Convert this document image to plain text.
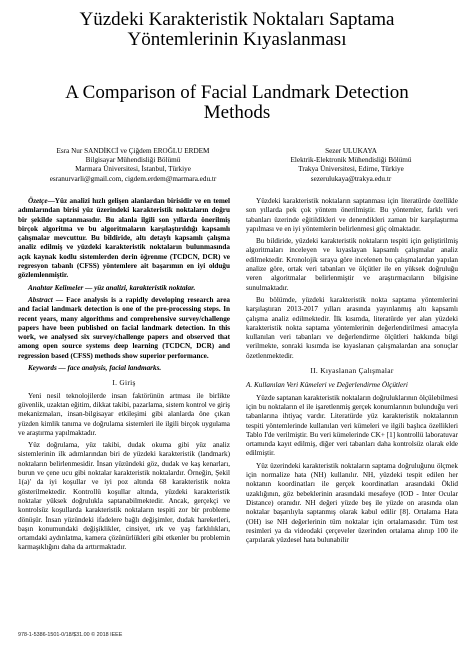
Yüzdeki Karakteristik Noktaları Saptama
Yöntemlerinin Kıyaslanması
A Comparison of Facial Landmark Detection
Methods
Esra Nur SANDİKCİ ve Çiğdem EROĞLU ERDEM
Bilgisayar Mühendisliği Bölümü
Marmara Üniversitesi, İstanbul, Türkiye
esranurvarli@gmail.com, cigdem.erdem@marmara.edu.tr
Sezer ULUKAYA
Elektrik-Elektronik Mühendisliği Bölümü
Trakya Üniversitesi, Edirne, Türkiye
sezerulukaya@trakya.edu.tr

Özetçe—Yüz analizi hızlı gelişen alanlardan birisidir ve en temel adımlarından birisi yüz üzerindeki karakteristik noktaların doğru bir şekilde saptanmasıdır. Bu alanla ilgili son yıllarda önerilmiş birçok algoritma ve bu algoritmaların karşılaştırıldığı kapsamlı çalışmalar mevcuttur. Bu bildiride, altı detaylı kapsamlı çalışma analiz edilmiş ve yüzdeki karakteristik noktaların bulunmasında açık kaynak kodlu sistemlerden derin öğrenme (TCDCN, DCR) ve regresyon tabanlı (CFSS) yöntemlere ait başarımın en iyi olduğu gözlemlenmiştir.

Anahtar Kelimeler — yüz analizi, karakteristik noktalar.

Abstract — Face analysis is a rapidly developing research area and facial landmark detection is one of the pre-processing steps. In recent years, many algorithms and comprehensive survey/challenge papers have been published on facial landmark detection. In this work, we analysed six survey/challenge papers and observed that among open source systems deep learning (TCDCN, DCR) and regression based (CFSS) methods show superior performance.

Keywords — face analysis, facial landmarks.

I. Giriş

Yeni nesil teknolojilerde insan faktörünün artması ile birlikte güvenlik, uzaktan eğitim, dikkat takibi, pazarlama, sistem kontrol ve giriş mekanizmaları, insan-bilgisayar etkileşimi gibi alanlarda öne çıkan yüzden kimlik tanıma ve doğrulama sistemleri ile ilgili birçok uygulama ve araştırma yapılmaktadır.

Yüz doğrulama, yüz takibi, dudak okuma gibi yüz analiz sistemlerinin ilk adımlarından biri de yüzdeki karakteristik (landmark) noktaların belirlenmesidir. İnsan yüzündeki göz, dudak ve kaş kenarları, burun ve çene ucu gibi noktalar karakteristik noktalardır. Örneğin, Şekil 1(a)' da iyi koşullar ve iyi poz altında 68 karakteristik nokta gösterilmektedir. Kontrollü koşullar altında, yüzdeki karakteristik noktalar yüksek doğrulukla saptanabilmektedir. Ancak, gerçekçi ve kontrolsüz koşullarda karakteristik noktaların tespiti zor bir probleme dönüşür. İnsan yüzündeki ifadelere bağlı değişimler, dudak hareketleri, başın konumundaki değişiklikler, cinsiyet, ırk ve yaş farklılıkları, ortamdaki aydınlatma, kamera çözünürlükleri gibi etkenler bu problemin karmaşıklığını daha da arttırmaktadır.

Yüzdeki karakteristik noktaların saptanması için literatürde özellikle son yıllarda pek çok yöntem önerilmiştir. Bu yöntemler, farklı veri tabanları üzerinde eğitildikleri ve denendikleri zaman bir karşılaştırma yapılması ve en iyi yöntemlerin belirlenmesi güç olmaktadır.

Bu bildiride, yüzdeki karakteristik noktaların tespiti için geliştirilmiş algoritmaları inceleyen ve kıyaslayan kapsamlı çalışmalar analiz edilmektedir. Kronolojik sıraya göre incelenen bu çalışmalardan yapılan analize göre, ortak veri tabanları ve ölçütler ile en yüksek doğruluğu veren algoritmalar belirlenmiştir ve araştırmacıların bilgisine sunulmaktadır.

Bu bölümde, yüzdeki karakteristik nokta saptama yöntemlerini karşılaştıran 2013-2017 yılları arasında yayınlanmış altı kapsamlı çalışma analiz edilmektedir. İlk kısımda, literatürde yer alan yüzdeki karakteristik nokta saptama yöntemlerinin değerlendirilmesi amacıyla kullanılan veri tabanları ve değerlendirme ölçütleri hakkında bilgi verilmekte, sonraki kısımda ise kıyaslanan çalışmalardan ana sonuçlar özetlenmektedir.

II. Kıyaslanan Çalışmalar
A. Kullanılan Veri Kümeleri ve Değerlendirme Ölçütleri

Yüzde saptanan karakteristik noktaların doğruluklarının ölçülebilmesi için bu noktaların el ile işaretlenmiş gerçek konumlarının bulunduğu veri tabanlarına ihtiyaç vardır. Literatürde yüz karakteristik noktalarının tespiti yöntemlerinde kullanılan veri kümeleri ve ilgili başlıca özellikleri Tablo I'de verilmiştir. Bu veri kümelerinde CK+ [1] kontrollü laboratuvar ortamında kayıt edilmiş, diğer veri tabanları daha kontrolsüz olarak elde edilmiştir.

Yüz üzerindeki karakteristik noktaların saptama doğruluğunu ölçmek için normalize hata (NH) kullanılır. NH, yüzdeki tespit edilen her noktanın koordinatları ile gerçek koordinatları arasındaki Öklid uzaklığının, göz bebeklerinin arasındaki mesafeye (IOD - Inter Ocular Distance) oranıdır. NH değeri yüzde beş ile yüzde on arasında olan noktalar başarılıyla saptanmış olarak kabul edilir [8]. Ortalama Hata (OH) ise NH değerlerinin tüm noktalar için ortalamasıdır. Tüm test resimleri ya da videodaki çerçeveler üzerinden ortalama alınıp 100 ile çarpılarak yüzdesel hata bulunabilir

978-1-5386-1501-0/18/$31.00 © 2018 IEEE
